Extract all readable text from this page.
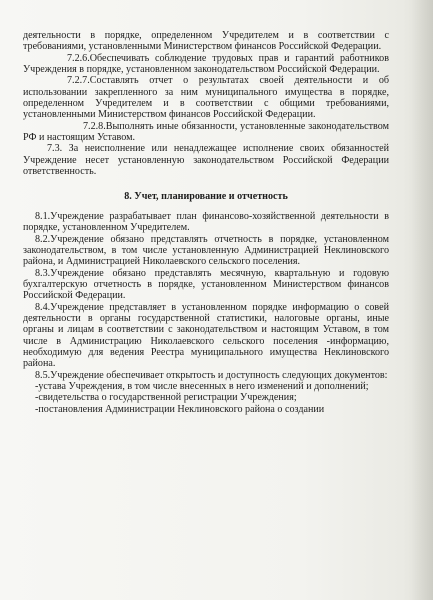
деятельности в порядке, определенном Учредителем и в соответствии с требованиями, установленными Министерством финансов Российской Федерации.

7.2.6.Обеспечивать соблюдение трудовых прав и гарантий работников Учреждения в порядке, установленном законодательством Российской Федерации.

7.2.7.Составлять отчет о результатах своей деятельности и об использовании закрепленного за ним муниципального имущества в порядке, определенном Учредителем и в соответствии с общими требованиями, установленными Министерством финансов Российской Федерации.

7.2.8.Выполнять иные обязанности, установленные законодательством РФ и настоящим Уставом.

7.3. За неисполнение или ненадлежащее исполнение своих обязанностей Учреждение несет установленную законодательством Российской Федерации ответственность.

8. Учет, планирование и отчетность

8.1.Учреждение разрабатывает план финансово-хозяйственной деятельности в порядке, установленном Учредителем.

8.2.Учреждение обязано представлять отчетность в порядке, установленном законодательством, в том числе установленную Администрацией Неклиновского района, и Администрацией Николаевского сельского поселения.

8.3.Учреждение обязано представлять месячную, квартальную и годовую бухгалтерскую отчетность в порядке, установленном Министерством финансов Российской Федерации.

8.4.Учреждение представляет в установленном порядке информацию о совей деятельности в органы государственной статистики, налоговые органы, иные органы и лицам в соответствии с законодательством и настоящим Уставом, в том числе в Администрацию Николаевского сельского поселения -информацию, необходимую для ведения Реестра муниципального имущества Неклиновского района.

8.5.Учреждение обеспечивает открытость и доступность следующих документов:

-устава Учреждения, в том числе внесенных в него изменений и дополнений;

-свидетельства о государственной регистрации Учреждения;

-постановления Администрации Неклиновского района о создании
